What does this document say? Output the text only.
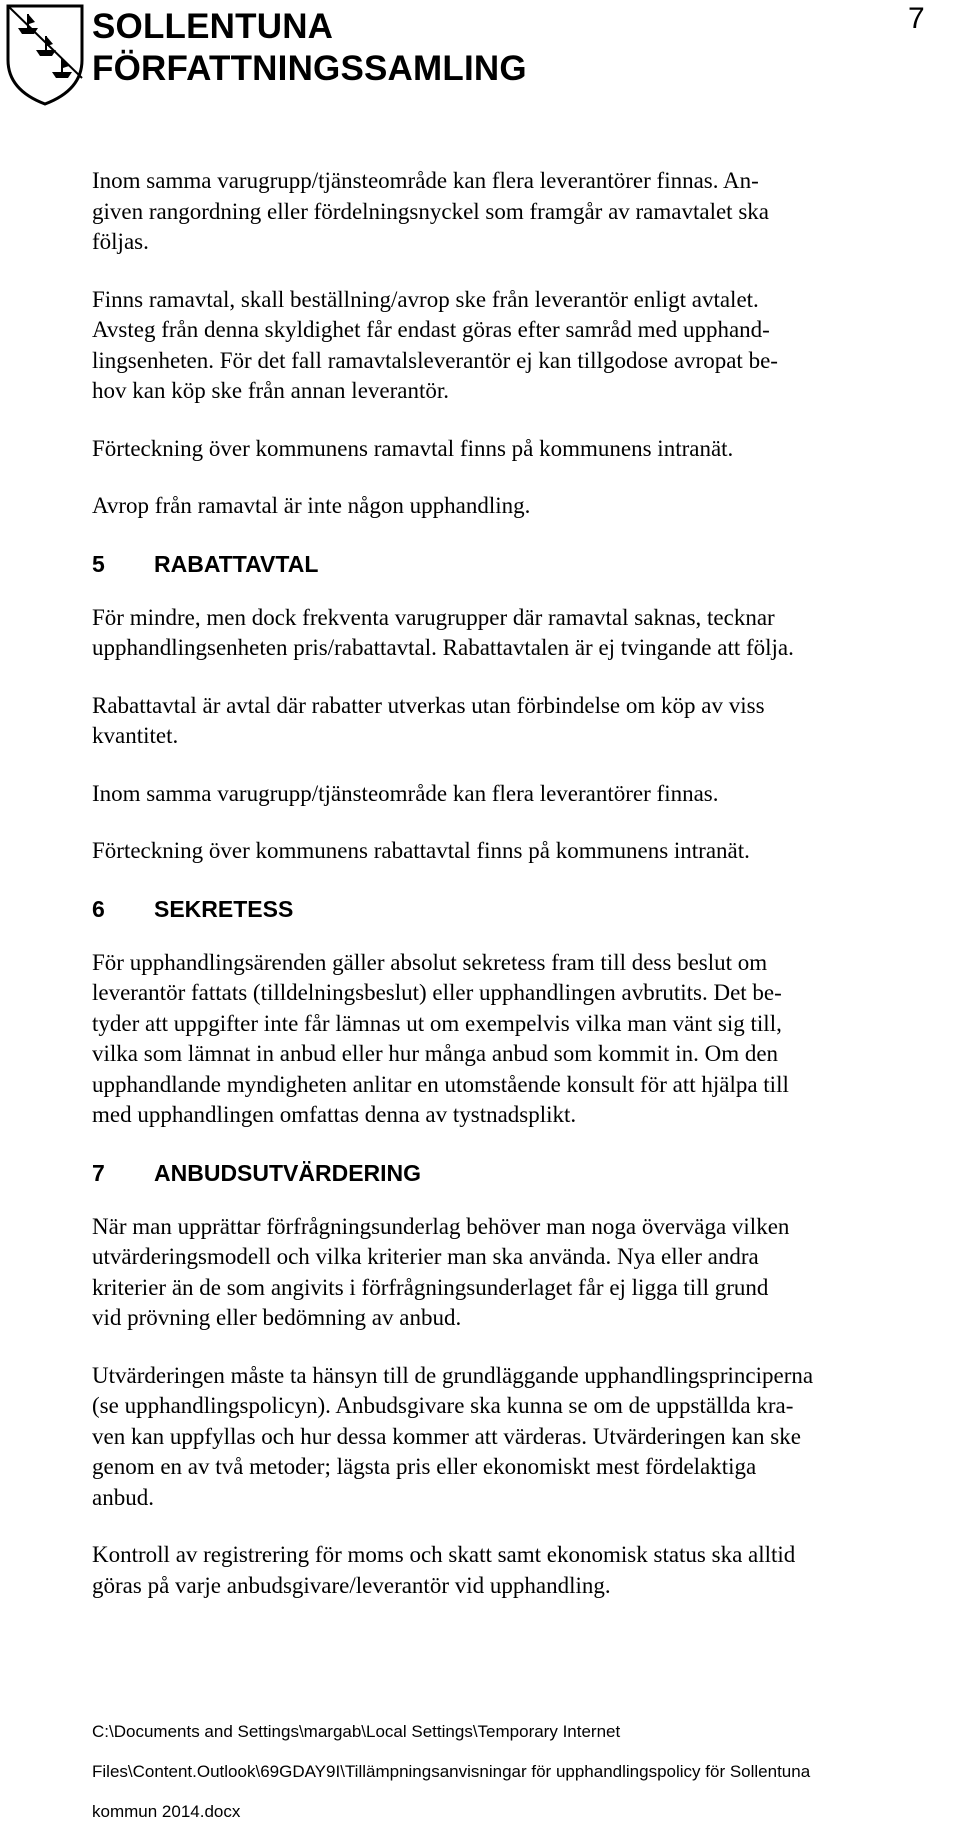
SOLLENTUNA
FÖRFATTNINGSSAMLING
7

Inom samma varugrupp/tjänsteområde kan flera leverantörer finnas. An-
given rangordning eller fördelningsnyckel som framgår av ramavtalet ska
följas.

Finns ramavtal, skall beställning/avrop ske från leverantör enligt avtalet.
Avsteg från denna skyldighet får endast göras efter samråd med upphand-
lingsenheten. För det fall ramavtalsleverantör ej kan tillgodose avropat be-
hov kan köp ske från annan leverantör.

Förteckning över kommunens ramavtal finns på kommunens intranät.

Avrop från ramavtal är inte någon upphandling.

5 RABATTAVTAL

För mindre, men dock frekventa varugrupper där ramavtal saknas, tecknar
upphandlingsenheten pris/rabattavtal. Rabattavtalen är ej tvingande att följa.

Rabattavtal är avtal där rabatter utverkas utan förbindelse om köp av viss
kvantitet.

Inom samma varugrupp/tjänsteområde kan flera leverantörer finnas.

Förteckning över kommunens rabattavtal finns på kommunens intranät.

6 SEKRETESS

För upphandlingsärenden gäller absolut sekretess fram till dess beslut om
leverantör fattats (tilldelningsbeslut) eller upphandlingen avbrutits. Det be-
tyder att uppgifter inte får lämnas ut om exempelvis vilka man vänt sig till,
vilka som lämnat in anbud eller hur många anbud som kommit in. Om den
upphandlande myndigheten anlitar en utomstående konsult för att hjälpa till
med upphandlingen omfattas denna av tystnadsplikt.

7 ANBUDSUTVÄRDERING

När man upprättar förfrågningsunderlag behöver man noga överväga vilken
utvärderingsmodell och vilka kriterier man ska använda. Nya eller andra
kriterier än de som angivits i förfrågningsunderlaget får ej ligga till grund
vid prövning eller bedömning av anbud.

Utvärderingen måste ta hänsyn till de grundläggande upphandlingsprinciperna
(se upphandlingspolicyn). Anbudsgivare ska kunna se om de uppställda kra-
ven kan uppfyllas och hur dessa kommer att värderas. Utvärderingen kan ske
genom en av två metoder; lägsta pris eller ekonomiskt mest fördelaktiga
anbud.

Kontroll av registrering för moms och skatt samt ekonomisk status ska alltid
göras på varje anbudsgivare/leverantör vid upphandling.

C:\Documents and Settings\margab\Local Settings\Temporary Internet

Files\Content.Outlook\69GDAY9I\Tillämpningsanvisningar för upphandlingspolicy för Sollentuna

kommun 2014.docx
